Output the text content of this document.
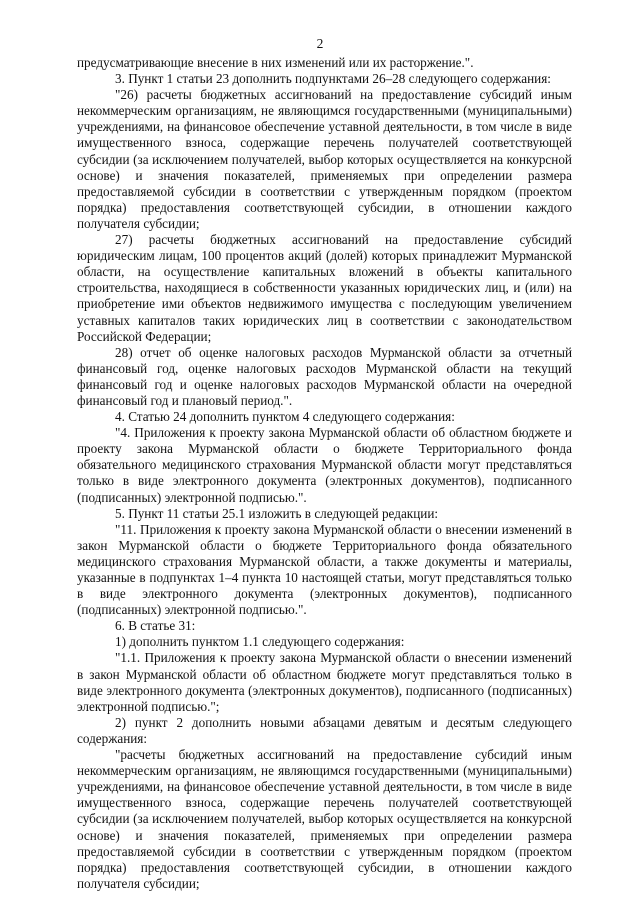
2

предусматривающие внесение в них изменений или их расторжение.".

3. Пункт 1 статьи 23 дополнить подпунктами 26–28 следующего содержания:

"26) расчеты бюджетных ассигнований на предоставление субсидий иным некоммерческим организациям, не являющимся государственными (муниципальными) учреждениями, на финансовое обеспечение уставной деятельности, в том числе в виде имущественного взноса, содержащие перечень получателей соответствующей субсидии (за исключением получателей, выбор которых осуществляется на конкурсной основе) и значения показателей, применяемых при определении размера предоставляемой субсидии в соответствии с утвержденным порядком (проектом порядка) предоставления соответствующей субсидии, в отношении каждого получателя субсидии;

27) расчеты бюджетных ассигнований на предоставление субсидий юридическим лицам, 100 процентов акций (долей) которых принадлежит Мурманской области, на осуществление капитальных вложений в объекты капитального строительства, находящиеся в собственности указанных юридических лиц, и (или) на приобретение ими объектов недвижимого имущества с последующим увеличением уставных капиталов таких юридических лиц в соответствии с законодательством Российской Федерации;

28) отчет об оценке налоговых расходов Мурманской области за отчетный финансовый год, оценке налоговых расходов Мурманской области на текущий финансовый год и оценке налоговых расходов Мурманской области на очередной финансовый год и плановый период.".

4. Статью 24 дополнить пунктом 4 следующего содержания:

"4. Приложения к проекту закона Мурманской области об областном бюджете и проекту закона Мурманской области о бюджете Территориального фонда обязательного медицинского страхования Мурманской области могут представляться только в виде электронного документа (электронных документов), подписанного (подписанных) электронной подписью.".

5. Пункт 11 статьи 25.1 изложить в следующей редакции:

"11. Приложения к проекту закона Мурманской области о внесении изменений в закон Мурманской области о бюджете Территориального фонда обязательного медицинского страхования Мурманской области, а также документы и материалы, указанные в подпунктах 1–4 пункта 10 настоящей статьи, могут представляться только в виде электронного документа (электронных документов), подписанного (подписанных) электронной подписью.".

6. В статье 31:

1) дополнить пунктом 1.1 следующего содержания:

"1.1. Приложения к проекту закона Мурманской области о внесении изменений в закон Мурманской области об областном бюджете могут представляться только в виде электронного документа (электронных документов), подписанного (подписанных) электронной подписью.";

2) пункт 2 дополнить новыми абзацами девятым и десятым следующего содержания:

"расчеты бюджетных ассигнований на предоставление субсидий иным некоммерческим организациям, не являющимся государственными (муниципальными) учреждениями, на финансовое обеспечение уставной деятельности, в том числе в виде имущественного взноса, содержащие перечень получателей соответствующей субсидии (за исключением получателей, выбор которых осуществляется на конкурсной основе) и значения показателей, применяемых при определении размера предоставляемой субсидии в соответствии с утвержденным порядком (проектом порядка) предоставления соответствующей субсидии, в отношении каждого получателя субсидии;
